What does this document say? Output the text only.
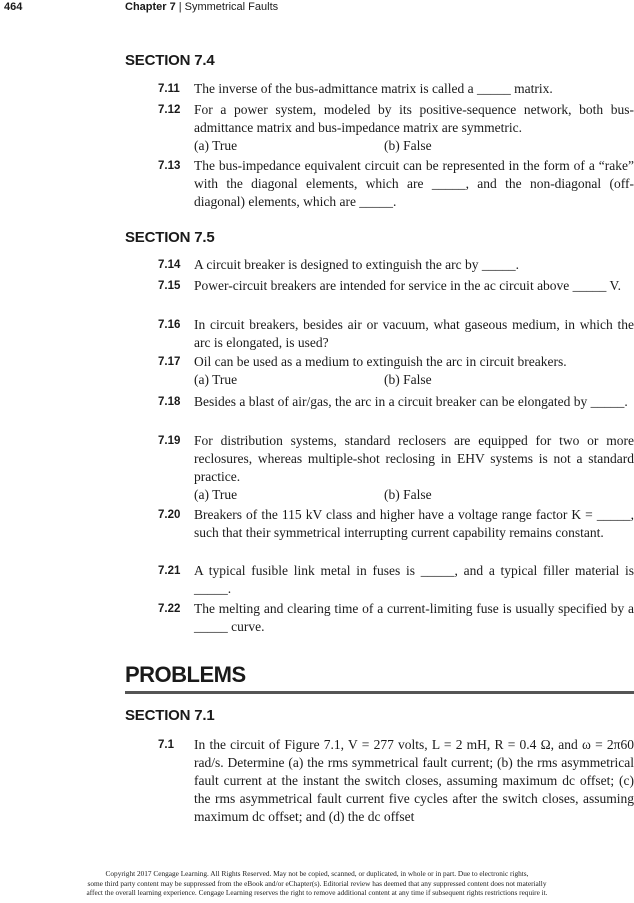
464	Chapter 7 | Symmetrical Faults
SECTION 7.4
7.11 The inverse of the bus-admittance matrix is called a _____ matrix.
7.12 For a power system, modeled by its positive-sequence network, both bus-admittance matrix and bus-impedance matrix are symmetric.
(a) True	(b) False
7.13 The bus-impedance equivalent circuit can be represented in the form of a “rake” with the diagonal elements, which are _____, and the non-diagonal (off-diagonal) elements, which are _____.
SECTION 7.5
7.14 A circuit breaker is designed to extinguish the arc by _____.
7.15 Power-circuit breakers are intended for service in the ac circuit above _____ V.
7.16 In circuit breakers, besides air or vacuum, what gaseous medium, in which the arc is elongated, is used?
7.17 Oil can be used as a medium to extinguish the arc in circuit breakers.
(a) True	(b) False
7.18 Besides a blast of air/gas, the arc in a circuit breaker can be elongated by _____.
7.19 For distribution systems, standard reclosers are equipped for two or more reclosures, whereas multiple-shot reclosing in EHV systems is not a standard practice.
(a) True	(b) False
7.20 Breakers of the 115 kV class and higher have a voltage range factor K = _____, such that their symmetrical interrupting current capability remains constant.
7.21 A typical fusible link metal in fuses is _____, and a typical filler material is _____.
7.22 The melting and clearing time of a current-limiting fuse is usually specified by a _____ curve.
PROBLEMS
SECTION 7.1
7.1 In the circuit of Figure 7.1, V = 277 volts, L = 2 mH, R = 0.4 Ω, and ω = 2π60 rad/s. Determine (a) the rms symmetrical fault current; (b) the rms asymmetrical fault current at the instant the switch closes, assuming maximum dc offset; (c) the rms asymmetrical fault current five cycles after the switch closes, assuming maximum dc offset; and (d) the dc offset
Copyright 2017 Cengage Learning. All Rights Reserved. May not be copied, scanned, or duplicated, in whole or in part. Due to electronic rights,
some third party content may be suppressed from the eBook and/or eChapter(s). Editorial review has deemed that any suppressed content does not materially
affect the overall learning experience. Cengage Learning reserves the right to remove additional content at any time if subsequent rights restrictions require it.
